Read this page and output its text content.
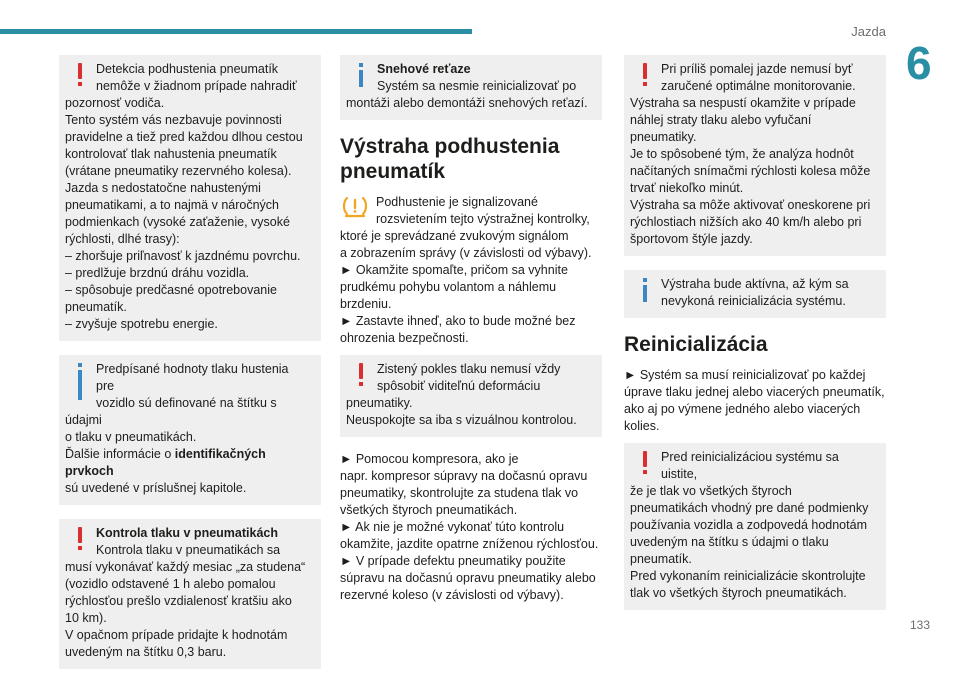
Jazda
6
133

Detekcia podhustenia pneumatík
nemôže v žiadnom prípade nahradiť
pozornosť vodiča.
Tento systém vás nezbavuje povinnosti
pravidelne a tiež pred každou dlhou cestou
kontrolovať tlak nahustenia pneumatík
(vrátane pneumatiky rezervného kolesa).
Jazda s nedostatočne nahustenými
pneumatikami, a to najmä v náročných
podmienkach (vysoké zaťaženie, vysoké
rýchlosti, dlhé trasy):
– zhoršuje priľnavosť k jazdnému povrchu.
– predlžuje brzdnú dráhu vozidla.
– spôsobuje predčasné opotrebovanie
pneumatík.
– zvyšuje spotrebu energie.

Predpísané hodnoty tlaku hustenia pre
vozidlo sú definované na štítku s údajmi
o tlaku v pneumatikách.
Ďalšie informácie o identifikačných prvkoch
sú uvedené v príslušnej kapitole.

Kontrola tlaku v pneumatikách
Kontrola tlaku v pneumatikách sa
musí vykonávať každý mesiac „za studena“
(vozidlo odstavené 1 h alebo pomalou
rýchlosťou prešlo vzdialenosť kratšiu ako
10 km).
V opačnom prípade pridajte k hodnotám
uvedeným na štítku 0,3 baru.

Snehové reťaze
Systém sa nesmie reinicializovať po
montáži alebo demontáži snehových reťazí.

Výstraha podhustenia pneumatík

Podhustenie je signalizované
rozsvietením tejto výstražnej kontrolky,
ktoré je sprevádzané zvukovým signálom
a zobrazením správy (v závislosti od výbavy).
► Okamžite spomaľte, pričom sa vyhnite
prudkému pohybu volantom a náhlemu brzdeniu.
► Zastavte ihneď, ako to bude možné bez
ohrozenia bezpečnosti.

Zistený pokles tlaku nemusí vždy
spôsobiť viditeľnú deformáciu
pneumatiky.
Neuspokojte sa iba s vizuálnou kontrolou.

► Pomocou kompresora, ako je
napr. kompresor súpravy na dočasnú opravu
pneumatiky, skontrolujte za studena tlak vo
všetkých štyroch pneumatikách.
► Ak nie je možné vykonať túto kontrolu
okamžite, jazdite opatrne zníženou rýchlosťou.
► V prípade defektu pneumatiky použite
súpravu na dočasnú opravu pneumatiky alebo
rezervné koleso (v závislosti od výbavy).

Pri príliš pomalej jazde nemusí byť
zaručené optimálne monitorovanie.
Výstraha sa nespustí okamžite v prípade
náhlej straty tlaku alebo vyfučaní pneumatiky.
Je to spôsobené tým, že analýza hodnôt
načítaných snímačmi rýchlosti kolesa môže
trvať niekoľko minút.
Výstraha sa môže aktivovať oneskorene pri
rýchlostiach nižších ako 40 km/h alebo pri
športovom štýle jazdy.

Výstraha bude aktívna, až kým sa
nevykoná reinicializácia systému.

Reinicializácia

► Systém sa musí reinicializovať po každej
úprave tlaku jednej alebo viacerých pneumatík,
ako aj po výmene jedného alebo viacerých
kolies.

Pred reinicializáciou systému sa uistite,
že je tlak vo všetkých štyroch
pneumatikách vhodný pre dané podmienky
používania vozidla a zodpovedá hodnotám
uvedeným na štítku s údajmi o tlaku
pneumatík.
Pred vykonaním reinicializácie skontrolujte
tlak vo všetkých štyroch pneumatikách.
